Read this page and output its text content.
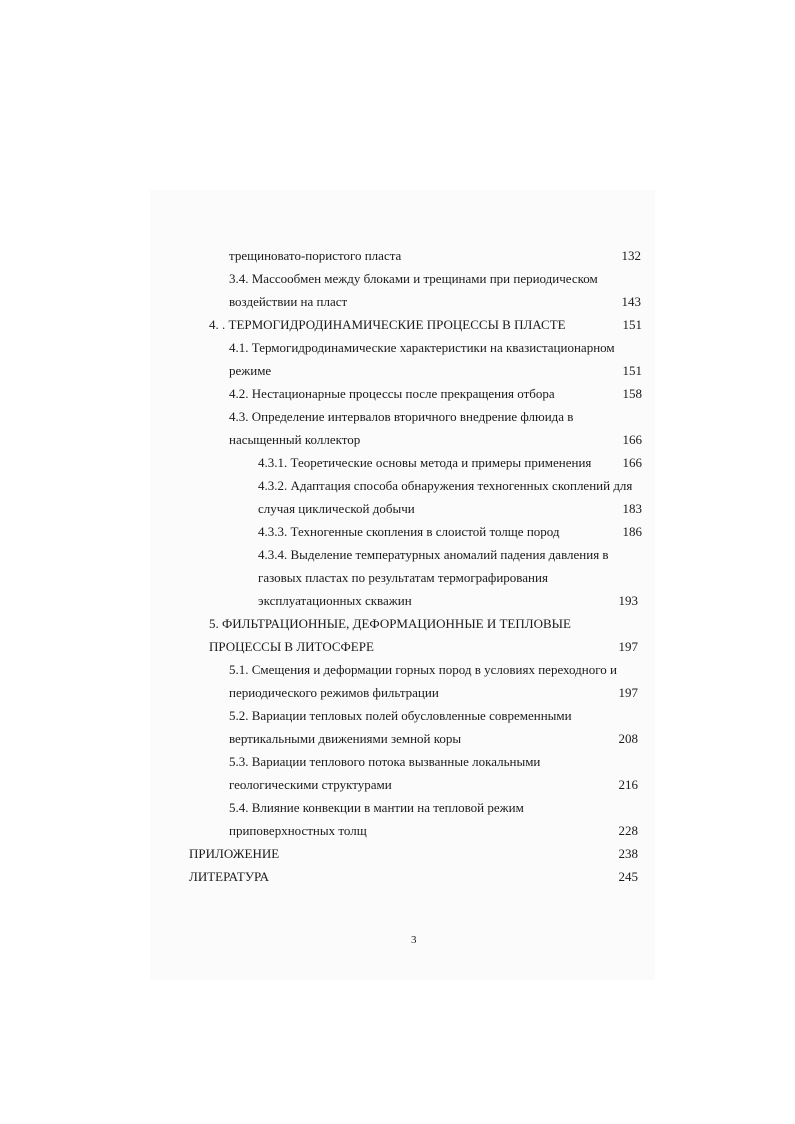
трещиновато-пористого пласта	132
3.4. Массообмен между блоками и трещинами при периодическом
воздействии на пласт	143
4. . ТЕРМОГИДРОДИНАМИЧЕСКИЕ ПРОЦЕССЫ В ПЛАСТЕ	151
4.1. Термогидродинамические характеристики на квазистационарном
режиме	151
4.2. Нестационарные процессы после прекращения отбора	158
4.3. Определение интервалов вторичного внедрение флюида в
насыщенный коллектор	166
4.3.1. Теоретические основы метода и примеры применения	166
4.3.2. Адаптация способа обнаружения техногенных скоплений для
случая циклической добычи	183
4.3.3. Техногенные скопления в слоистой толще пород	186
4.3.4. Выделение температурных аномалий падения давления в
газовых пластах по результатам термографирования
эксплуатационных скважин	193
5. ФИЛЬТРАЦИОННЫЕ, ДЕФОРМАЦИОННЫЕ И ТЕПЛОВЫЕ
ПРОЦЕССЫ В ЛИТОСФЕРЕ	197
5.1. Смещения и деформации горных пород в условиях переходного и
периодического режимов фильтрации	197
5.2. Вариации тепловых полей обусловленные современными
вертикальными движениями земной коры	208
5.3. Вариации теплового потока вызванные локальными
геологическими структурами	216
5.4. Влияние конвекции в мантии на тепловой режим
приповерхностных толщ	228
ПРИЛОЖЕНИЕ	238
ЛИТЕРАТУРА	245
3
